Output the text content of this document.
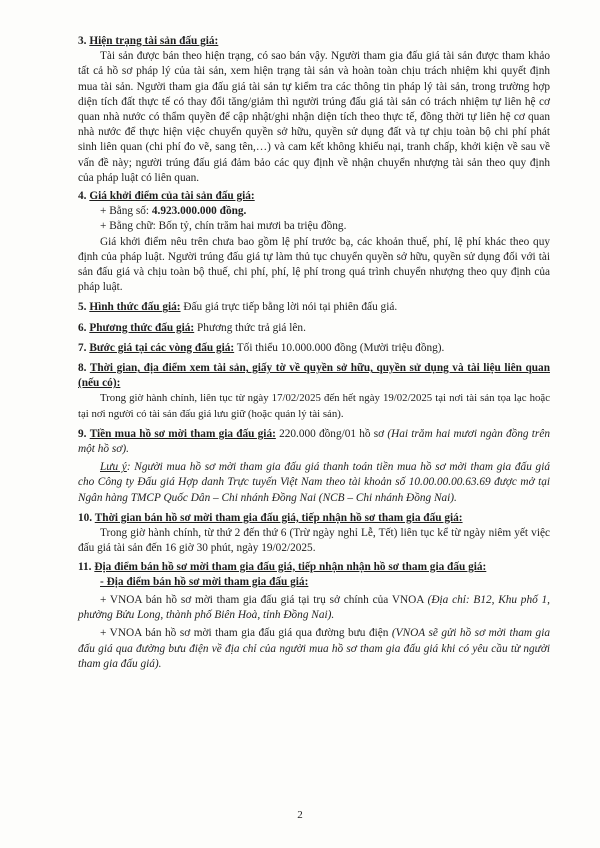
3. Hiện trạng tài sản đấu giá:

Tài sản được bán theo hiện trạng, có sao bán vậy. Người tham gia đấu giá tài sản được tham khảo tất cả hồ sơ pháp lý của tài sản, xem hiện trạng tài sản và hoàn toàn chịu trách nhiệm khi quyết định mua tài sản. Người tham gia đấu giá tài sản tự kiểm tra các thông tin pháp lý tài sản, trong trường hợp diện tích đất thực tế có thay đổi tăng/giảm thì người trúng đấu giá tài sản có trách nhiệm tự liên hệ cơ quan nhà nước có thẩm quyền để cập nhật/ghi nhận diện tích theo thực tế, đồng thời tự liên hệ cơ quan nhà nước để thực hiện việc chuyển quyền sở hữu, quyền sử dụng đất và tự chịu toàn bộ chi phí phát sinh liên quan (chi phí đo vẽ, sang tên,…) và cam kết không khiếu nại, tranh chấp, khởi kiện về sau về vấn đề này; người trúng đấu giá đảm bảo các quy định về nhận chuyển nhượng tài sản theo quy định của pháp luật có liên quan.

4. Giá khởi điểm của tài sản đấu giá:

+ Bằng số: 4.923.000.000 đồng.

+ Bằng chữ: Bốn tỷ, chín trăm hai mươi ba triệu đồng.

Giá khởi điểm nêu trên chưa bao gồm lệ phí trước bạ, các khoản thuế, phí, lệ phí khác theo quy định của pháp luật. Người trúng đấu giá tự làm thủ tục chuyển quyền sở hữu, quyền sử dụng đối với tài sản đấu giá và chịu toàn bộ thuế, chi phí, phí, lệ phí trong quá trình chuyển nhượng theo quy định của pháp luật.

5. Hình thức đấu giá: Đấu giá trực tiếp bằng lời nói tại phiên đấu giá.

6. Phương thức đấu giá: Phương thức trả giá lên.

7. Bước giá tại các vòng đấu giá: Tối thiểu 10.000.000 đồng (Mười triệu đồng).

8. Thời gian, địa điểm xem tài sản, giấy tờ về quyền sở hữu, quyền sử dụng và tài liệu liên quan (nếu có):

Trong giờ hành chính, liên tục từ ngày 17/02/2025 đến hết ngày 19/02/2025 tại nơi tài sản tọa lạc hoặc tại nơi người có tài sản đấu giá lưu giữ (hoặc quản lý tài sản).

9. Tiền mua hồ sơ mời tham gia đấu giá: 220.000 đồng/01 hồ sơ (Hai trăm hai mươi ngàn đồng trên một hồ sơ).

Lưu ý: Người mua hồ sơ mời tham gia đấu giá thanh toán tiền mua hồ sơ mời tham gia đấu giá cho Công ty Đấu giá Hợp danh Trực tuyến Việt Nam theo tài khoản số 10.00.00.00.63.69 được mở tại Ngân hàng TMCP Quốc Dân – Chi nhánh Đồng Nai (NCB – Chi nhánh Đồng Nai).

10. Thời gian bán hồ sơ mời tham gia đấu giá, tiếp nhận hồ sơ tham gia đấu giá:

Trong giờ hành chính, từ thứ 2 đến thứ 6 (Trừ ngày nghỉ Lễ, Tết) liên tục kể từ ngày niêm yết việc đấu giá tài sản đến 16 giờ 30 phút, ngày 19/02/2025.

11. Địa điểm bán hồ sơ mời tham gia đấu giá, tiếp nhận nhận hồ sơ tham gia đấu giá:

- Địa điểm bán hồ sơ mời tham gia đấu giá:

+ VNOA bán hồ sơ mời tham gia đấu giá tại trụ sở chính của VNOA (Địa chỉ: B12, Khu phố 1, phường Bửu Long, thành phố Biên Hoà, tỉnh Đồng Nai).

+ VNOA bán hồ sơ mời tham gia đấu giá qua đường bưu điện (VNOA sẽ gửi hồ sơ mời tham gia đấu giá qua đường bưu điện về địa chỉ của người mua hồ sơ tham gia đấu giá khi có yêu cầu từ người tham gia đấu giá).

2
